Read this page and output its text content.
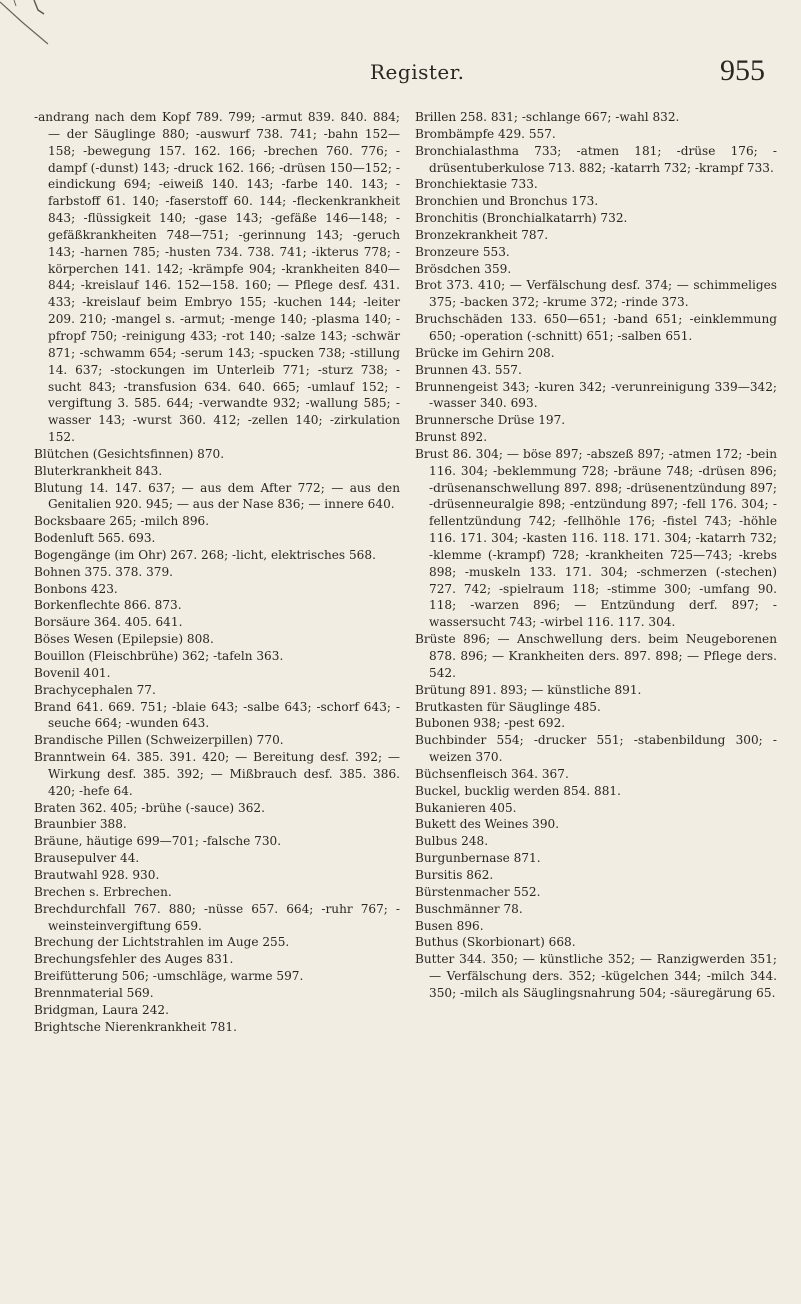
Register.	955

-andrang nach dem Kopf 789. 799; -armut 839. 840. 884; — der Säuglinge 880; -auswurf 738. 741; -bahn 152—158; -bewegung 157. 162. 166; -brechen 760. 776; -dampf (-dunst) 143; -druck 162. 166; -drüsen 150—152; -eindickung 694; -eiweiß 140. 143; -farbe 140. 143; -farbstoff 61. 140; -faserstoff 60. 144; -fleckenkrankheit 843; -flüssigkeit 140; -gase 143; -gefäße 146—148; -gefäßkrankheiten 748—751; -gerinnung 143; -geruch 143; -harnen 785; -husten 734. 738. 741; -ikterus 778; -körperchen 141. 142; -krämpfe 904; -krankheiten 840—844; -kreislauf 146. 152—158. 160; — Pflege desf. 431. 433; -kreislauf beim Embryo 155; -kuchen 144; -leiter 209. 210; -mangel s. -armut; -menge 140; -plasma 140; -pfropf 750; -reinigung 433; -rot 140; -salze 143; -schwär 871; -schwamm 654; -serum 143; -spucken 738; -stillung 14. 637; -stockungen im Unterleib 771; -sturz 738; -sucht 843; -transfusion 634. 640. 665; -umlauf 152; -vergiftung 3. 585. 644; -verwandte 932; -wallung 585; -wasser 143; -wurst 360. 412; -zellen 140; -zirkulation 152.

Blütchen (Gesichtsfinnen) 870.

Bluterkrankheit 843.

Blutung 14. 147. 637; — aus dem After 772; — aus den Genitalien 920. 945; — aus der Nase 836; — innere 640.

Bocksbaare 265; -milch 896.

Bodenluft 565. 693.

Bogengänge (im Ohr) 267. 268; -licht, elektrisches 568.

Bohnen 375. 378. 379.

Bonbons 423.

Borkenflechte 866. 873.

Borsäure 364. 405. 641.

Böses Wesen (Epilepsie) 808.

Bouillon (Fleischbrühe) 362; -tafeln 363.

Bovenil 401.

Brachycephalen 77.

Brand 641. 669. 751; -blaie 643; -salbe 643; -schorf 643; -seuche 664; -wunden 643.

Brandische Pillen (Schweizerpillen) 770.

Branntwein 64. 385. 391. 420; — Bereitung desf. 392; — Wirkung desf. 385. 392; — Mißbrauch desf. 385. 386. 420; -hefe 64.

Braten 362. 405; -brühe (-sauce) 362.

Braunbier 388.

Bräune, häutige 699—701; -falsche 730.

Brausepulver 44.

Brautwahl 928. 930.

Brechen s. Erbrechen.

Brechdurchfall 767. 880; -nüsse 657. 664; -ruhr 767; -weinsteinvergiftung 659.

Brechung der Lichtstrahlen im Auge 255.

Brechungsfehler des Auges 831.

Breifütterung 506; -umschläge, warme 597.

Brennmaterial 569.

Bridgman, Laura 242.

Brightsche Nierenkrankheit 781.

Brillen 258. 831; -schlange 667; -wahl 832.

Brombämpfe 429. 557.

Bronchialasthma 733; -atmen 181; -drüse 176; -drüsentuberkulose 713. 882; -katarrh 732; -krampf 733.

Bronchiektasie 733.

Bronchien und Bronchus 173.

Bronchitis (Bronchialkatarrh) 732.

Bronzekrankheit 787.

Bronzeure 553.

Brösdchen 359.

Brot 373. 410; — Verfälschung desf. 374; — schimmeliges 375; -backen 372; -krume 372; -rinde 373.

Bruchschäden 133. 650—651; -band 651; -einklemmung 650; -operation (-schnitt) 651; -salben 651.

Brücke im Gehirn 208.

Brunnen 43. 557.

Brunnengeist 343; -kuren 342; -verunreinigung 339—342; -wasser 340. 693.

Brunnersche Drüse 197.

Brunst 892.

Brust 86. 304; — böse 897; -abszeß 897; -atmen 172; -bein 116. 304; -beklemmung 728; -bräune 748; -drüsen 896; -drüsenanschwellung 897. 898; -drüsenentzündung 897; -drüsenneuralgie 898; -entzündung 897; -fell 176. 304; -fellentzündung 742; -fellhöhle 176; -fistel 743; -höhle 116. 171. 304; -kasten 116. 118. 171. 304; -katarrh 732; -klemme (-krampf) 728; -krankheiten 725—743; -krebs 898; -muskeln 133. 171. 304; -schmerzen (-stechen) 727. 742; -spielraum 118; -stimme 300; -umfang 90. 118; -warzen 896; — Entzündung derf. 897; -wassersucht 743; -wirbel 116. 117. 304.

Brüste 896; — Anschwellung ders. beim Neugeborenen 878. 896; — Krankheiten ders. 897. 898; — Pflege ders. 542.

Brütung 891. 893; — künstliche 891.

Brutkasten für Säuglinge 485.

Bubonen 938; -pest 692.

Buchbinder 554; -drucker 551; -stabenbildung 300; -weizen 370.

Büchsenfleisch 364. 367.

Buckel, bucklig werden 854. 881.

Bukanieren 405.

Bukett des Weines 390.

Bulbus 248.

Burgunbernase 871.

Bursitis 862.

Bürstenmacher 552.

Buschmänner 78.

Busen 896.

Buthus (Skorbionart) 668.

Butter 344. 350; — künstliche 352; — Ranzigwerden 351; — Verfälschung ders. 352; -kügelchen 344; -milch 344. 350; -milch als Säuglingsnahrung 504; -säuregärung 65.
